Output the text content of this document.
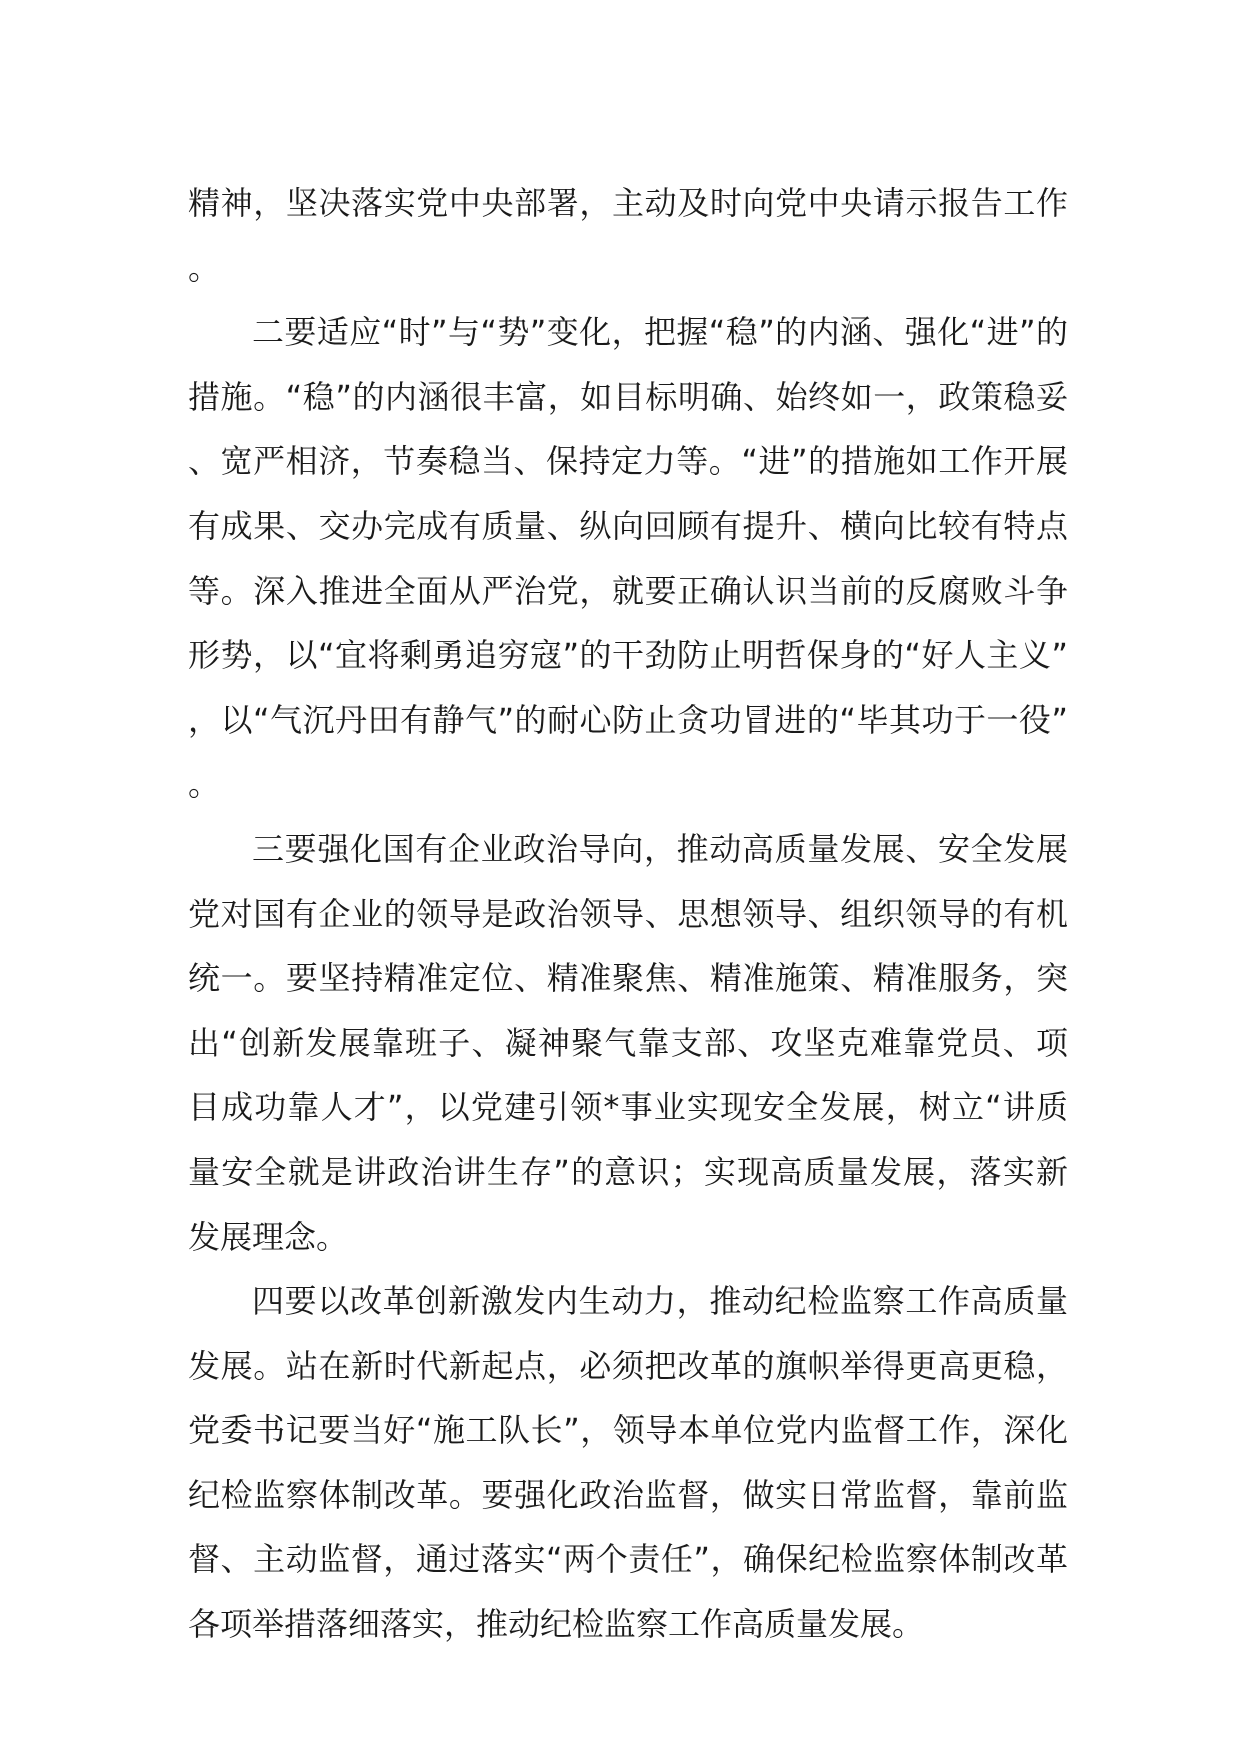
精神，坚决落实党中央部署，主动及时向党中央请示报告工作。

二要适应“时”与“势”变化，把握“稳”的内涵、强化“进”的措施。“稳”的内涵很丰富，如目标明确、始终如一，政策稳妥、宽严相济，节奏稳当、保持定力等。“进”的措施如工作开展有成果、交办完成有质量、纵向回顾有提升、横向比较有特点等。深入推进全面从严治党，就要正确认识当前的反腐败斗争形势，以“宜将剩勇追穷寇”的干劲防止明哲保身的“好人主义”，以“气沉丹田有静气”的耐心防止贪功冒进的“毕其功于一役”。

三要强化国有企业政治导向，推动高质量发展、安全发展党对国有企业的领导是政治领导、思想领导、组织领导的有机统一。要坚持精准定位、精准聚焦、精准施策、精准服务，突出“创新发展靠班子、凝神聚气靠支部、攻坚克难靠党员、项目成功靠人才”，以党建引领*事业实现安全发展，树立“讲质量安全就是讲政治讲生存”的意识；实现高质量发展，落实新发展理念。

四要以改革创新激发内生动力，推动纪检监察工作高质量发展。站在新时代新起点，必须把改革的旗帜举得更高更稳，党委书记要当好“施工队长”，领导本单位党内监督工作，深化纪检监察体制改革。要强化政治监督，做实日常监督，靠前监督、主动监督，通过落实“两个责任”，确保纪检监察体制改革各项举措落细落实，推动纪检监察工作高质量发展。
